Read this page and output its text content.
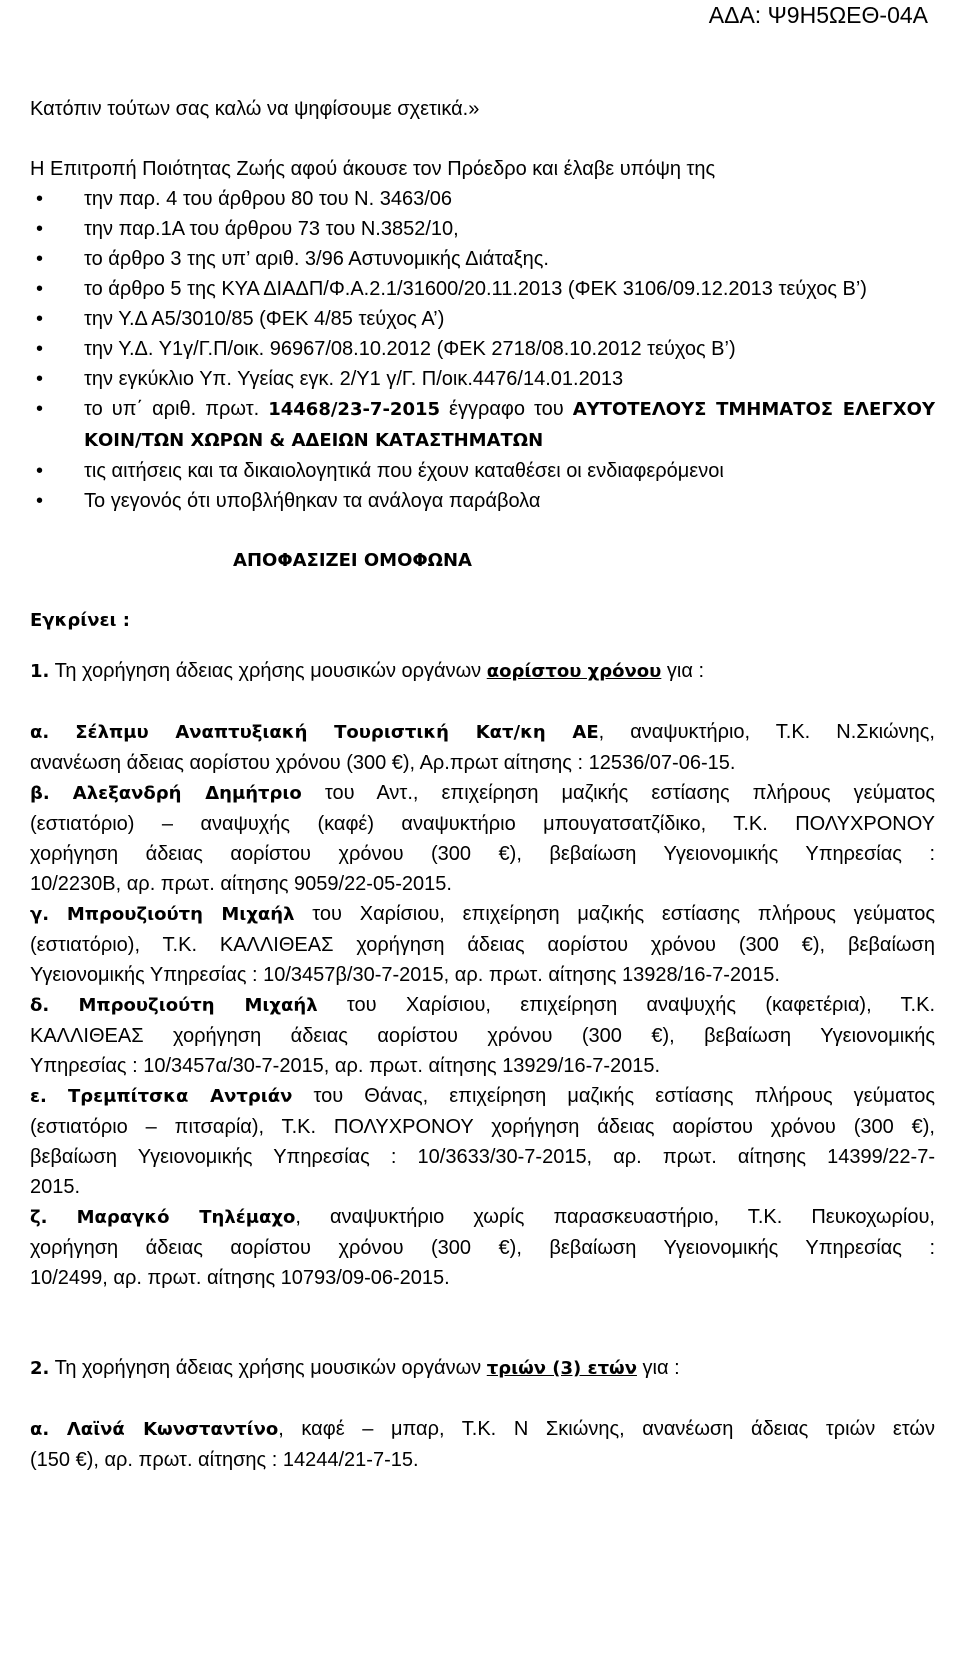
ΑΔΑ: Ψ9Η5ΩΕΘ-04Α

Κατόπιν τούτων σας καλώ να ψηφίσουμε σχετικά.»

Η Επιτροπή Ποιότητας Ζωής αφού άκουσε τον Πρόεδρο και έλαβε υπόψη της

• την παρ. 4 του άρθρου 80 του Ν. 3463/06
• την παρ.1Α του άρθρου 73 του Ν.3852/10,
• το άρθρο 3 της υπ’ αριθ. 3/96 Αστυνομικής Διάταξης.
• το άρθρο 5 της ΚΥΑ ΔΙΑΔΠ/Φ.Α.2.1/31600/20.11.2013 (ΦΕΚ 3106/09.12.2013 τεύχος Β’)
• την Υ.Δ Α5/3010/85 (ΦΕΚ 4/85 τεύχος Α’)
• την Υ.Δ. Υ1γ/Γ.Π/οικ. 96967/08.10.2012 (ΦΕΚ 2718/08.10.2012 τεύχος Β’)
• την εγκύκλιο Υπ. Υγείας εγκ. 2/Υ1 γ/Γ. Π/οικ.4476/14.01.2013
• το υπ΄ αριθ. πρωτ. 14468/23-7-2015 έγγραφο του ΑΥΤΟΤΕΛΟΥΣ ΤΜΗΜΑΤΟΣ ΕΛΕΓΧΟΥ ΚΟΙΝ/ΤΩΝ ΧΩΡΩΝ & ΑΔΕΙΩΝ ΚΑΤΑΣΤΗΜΑΤΩΝ
• τις αιτήσεις και τα δικαιολογητικά που έχουν καταθέσει οι ενδιαφερόμενοι
• Το γεγονός ότι υποβλήθηκαν τα ανάλογα παράβολα
ΑΠΟΦΑΣΙΖΕΙ ΟΜΟΦΩΝΑ
Εγκρίνει :

1. Τη χορήγηση άδειας χρήσης μουσικών οργάνων αορίστου χρόνου για :

α. Σέλπμυ Αναπτυξιακή Τουριστική Κατ/κη ΑΕ, αναψυκτήριο, Τ.Κ. Ν.Σκιώνης,

ανανέωση άδειας αορίστου χρόνου (300 €), Αρ.πρωτ αίτησης : 12536/07-06-15.

β. Αλεξανδρή Δημήτριο του Αντ., επιχείρηση μαζικής εστίασης πλήρους γεύματος

(εστιατόριο) – αναψυχής (καφέ) αναψυκτήριο μπουγατσατζίδικο, Τ.Κ. ΠΟΛΥΧΡΟΝΟΥ

χορήγηση άδειας αορίστου χρόνου (300 €), βεβαίωση Υγειονομικής Υπηρεσίας :

10/2230Β, αρ. πρωτ. αίτησης 9059/22-05-2015.

γ. Μπρουζιούτη Μιχαήλ του Χαρίσιου, επιχείρηση μαζικής εστίασης πλήρους γεύματος

(εστιατόριο), Τ.Κ. ΚΑΛΛΙΘΕΑΣ χορήγηση άδειας αορίστου χρόνου (300 €), βεβαίωση

Υγειονομικής Υπηρεσίας : 10/3457β/30-7-2015, αρ. πρωτ. αίτησης 13928/16-7-2015.

δ. Μπρουζιούτη Μιχαήλ του Χαρίσιου, επιχείρηση αναψυχής (καφετέρια), Τ.Κ.

ΚΑΛΛΙΘΕΑΣ χορήγηση άδειας αορίστου χρόνου (300 €), βεβαίωση Υγειονομικής

Υπηρεσίας : 10/3457α/30-7-2015, αρ. πρωτ. αίτησης 13929/16-7-2015.

ε. Τρεμπίτσκα Αντριάν του Θάνας, επιχείρηση μαζικής εστίασης πλήρους γεύματος

(εστιατόριο – πιτσαρία), Τ.Κ. ΠΟΛΥΧΡΟΝΟΥ χορήγηση άδειας αορίστου χρόνου (300 €),

βεβαίωση Υγειονομικής Υπηρεσίας : 10/3633/30-7-2015, αρ. πρωτ. αίτησης 14399/22-7-

2015.

ζ. Μαραγκό Τηλέμαχο, αναψυκτήριο χωρίς παρασκευαστήριο, Τ.Κ. Πευκοχωρίου,

χορήγηση άδειας αορίστου χρόνου (300 €), βεβαίωση Υγειονομικής Υπηρεσίας :

10/2499, αρ. πρωτ. αίτησης 10793/09-06-2015.

2. Τη χορήγηση άδειας χρήσης μουσικών οργάνων τριών (3) ετών για :

α. Λαϊνά Κωνσταντίνο, καφέ – μπαρ, Τ.Κ. Ν Σκιώνης, ανανέωση άδειας τριών ετών

(150 €), αρ. πρωτ. αίτησης : 14244/21-7-15.
